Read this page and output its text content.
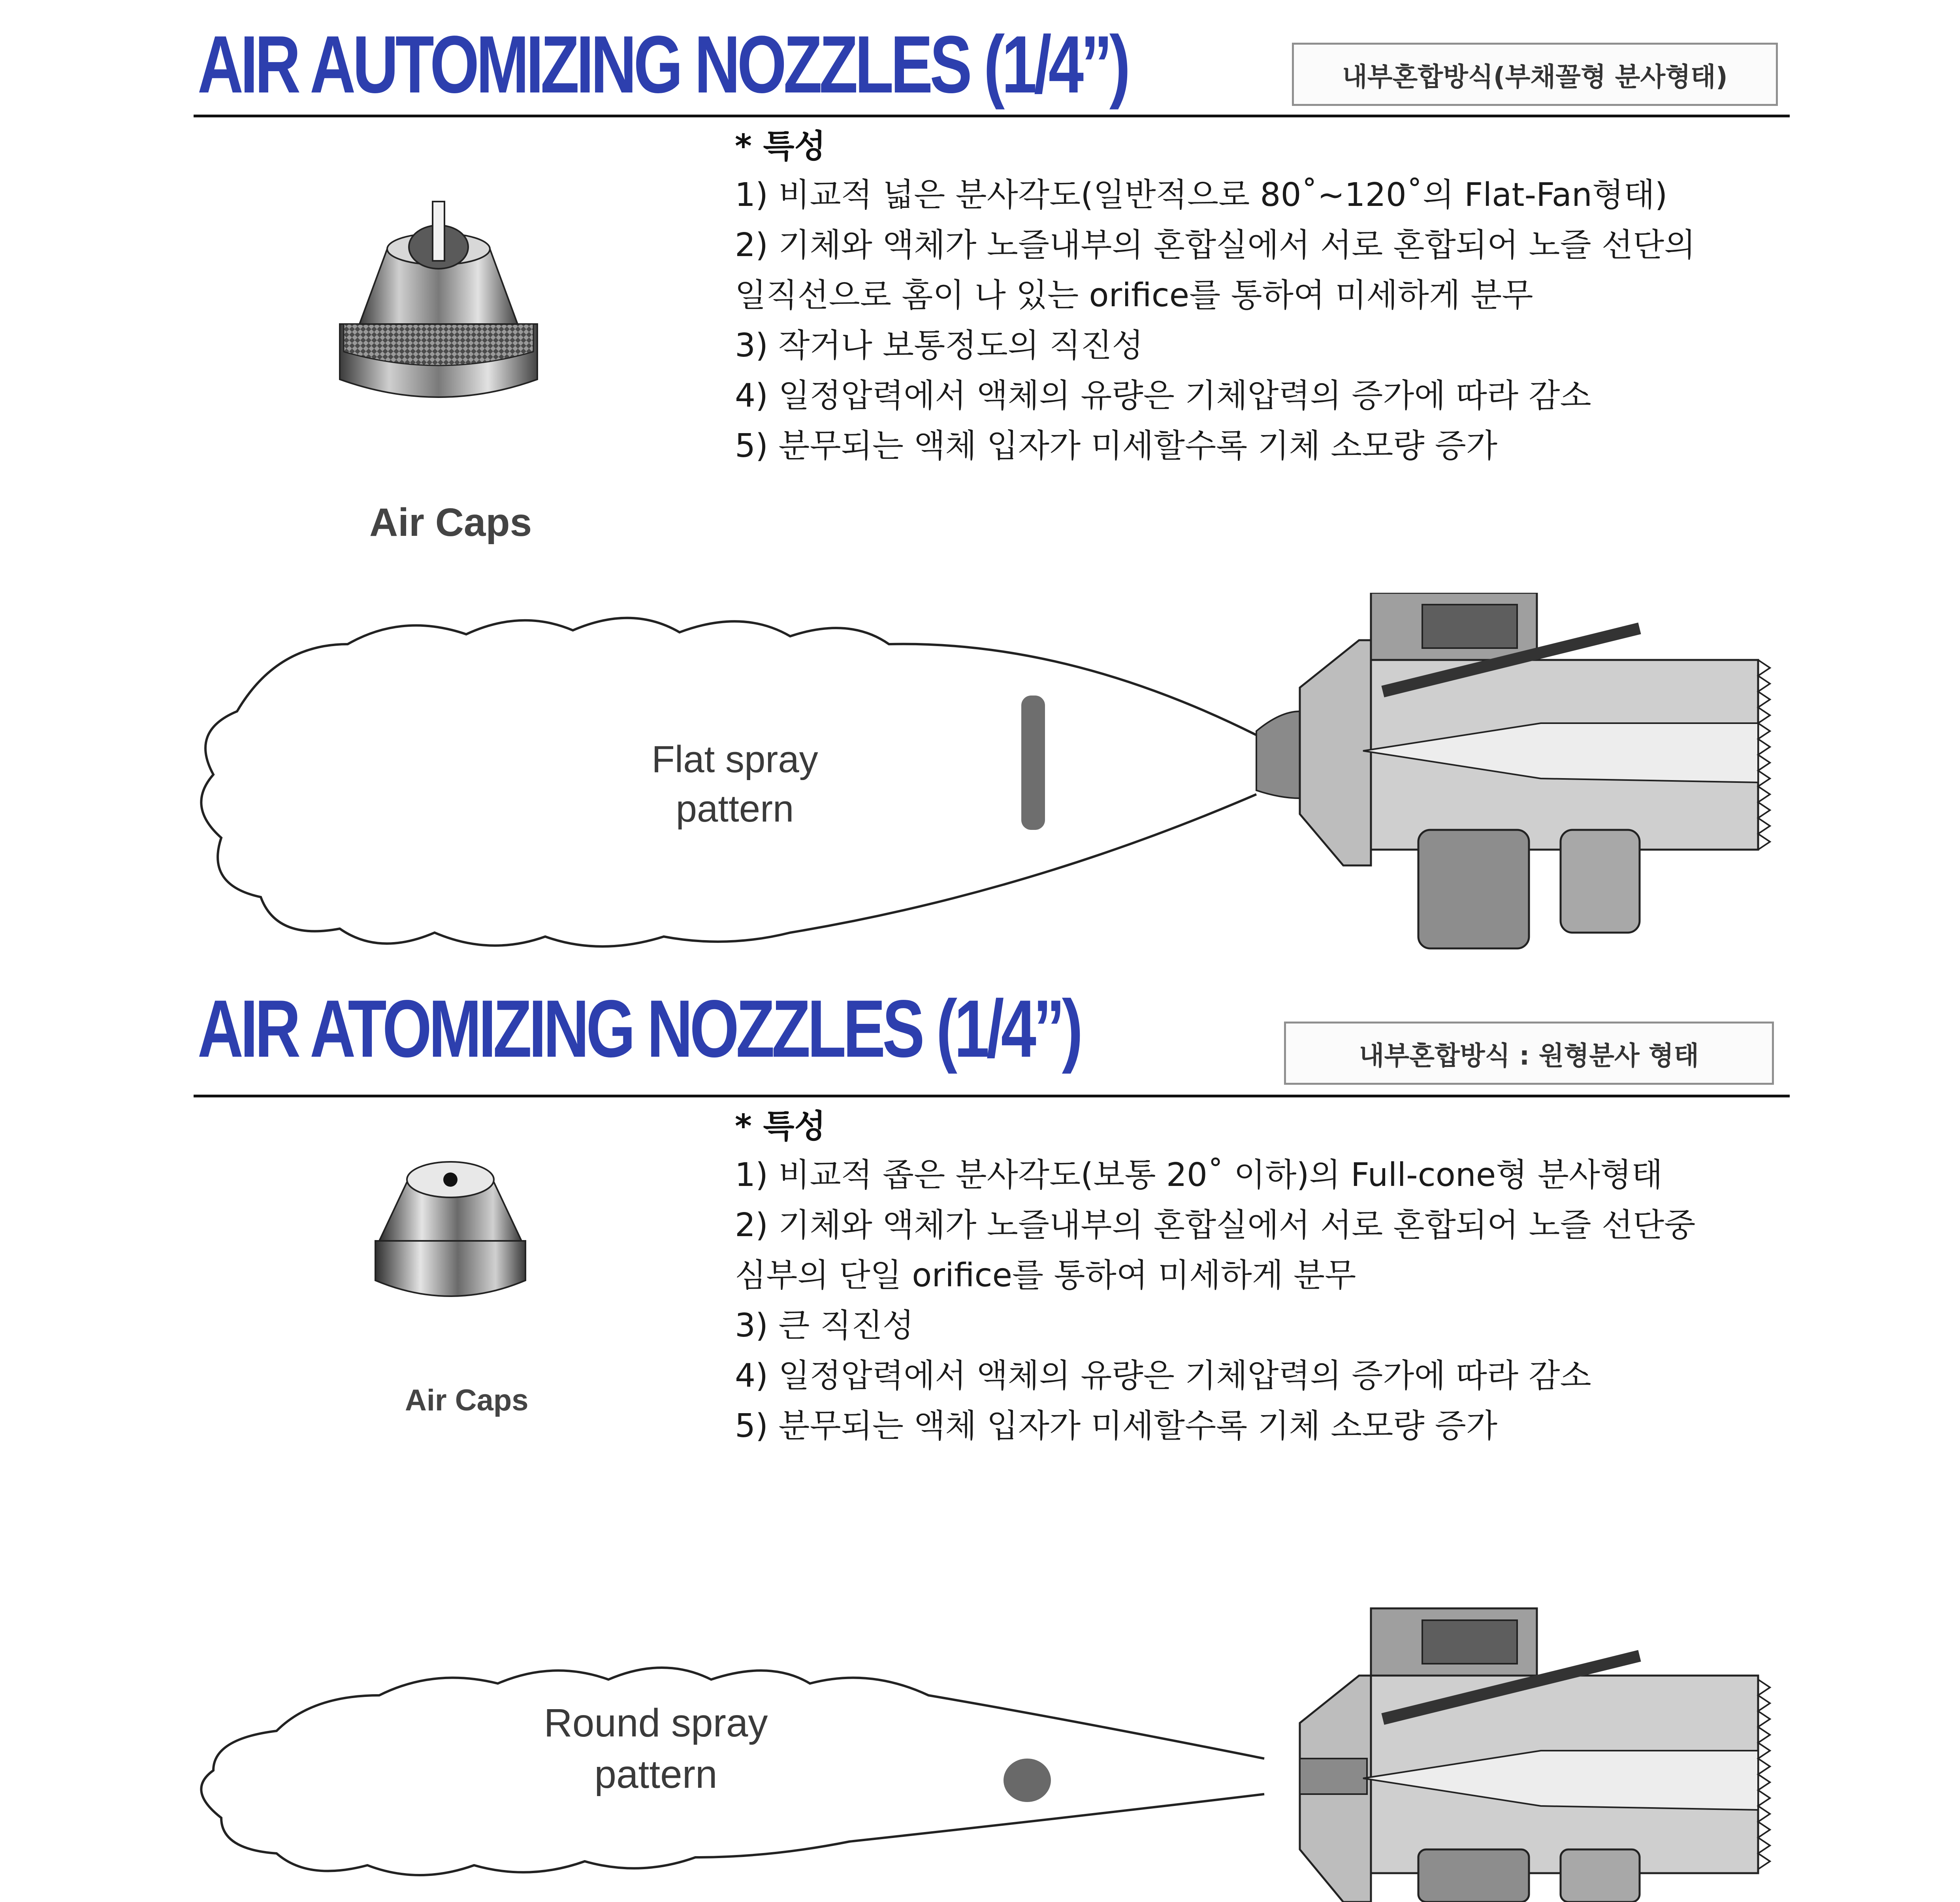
AIR AUTOMIZING NOZZLES (1/4”)	내부혼합방식(부채꼴형 분사형태)

* 특성

1) 비교적 넓은 분사각도(일반적으로 80˚~120˚의 Flat-Fan형태)
2) 기체와 액체가 노즐내부의 혼합실에서 서로 혼합되어 노즐 선단의
일직선으로 홈이 나 있는 orifice를 통하여 미세하게 분무
3) 작거나 보통정도의 직진성
4) 일정압력에서 액체의 유량은 기체압력의 증가에 따라 감소
5) 분무되는 액체 입자가 미세할수록 기체 소모량 증가
Air Caps
Flat spray
pattern
AIR ATOMIZING NOZZLES (1/4”)	내부혼합방식 : 원형분사 형태

* 특성

1) 비교적 좁은 분사각도(보통 20˚ 이하)의 Full-cone형 분사형태
2) 기체와 액체가 노즐내부의 혼합실에서 서로 혼합되어 노즐 선단중
심부의 단일 orifice를 통하여 미세하게 분무
3) 큰 직진성
4) 일정압력에서 액체의 유량은 기체압력의 증가에 따라 감소
5) 분무되는 액체 입자가 미세할수록 기체 소모량 증가
Air Caps
Round spray
pattern
